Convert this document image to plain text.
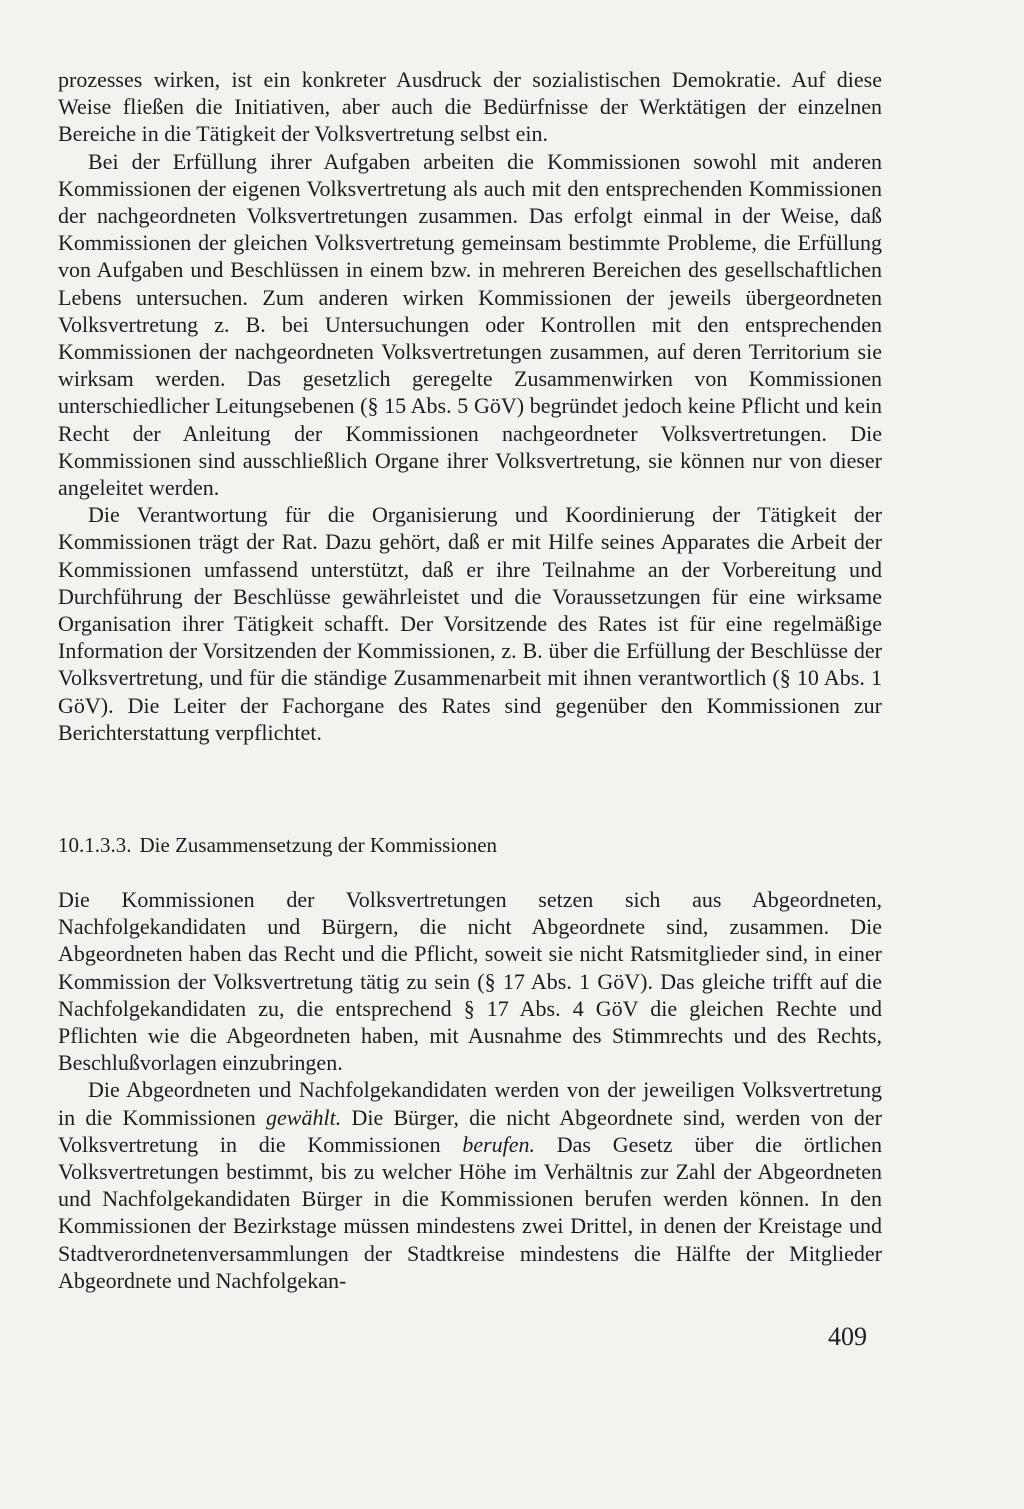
prozesses wirken, ist ein konkreter Ausdruck der sozialistischen Demokratie. Auf diese Weise fließen die Initiativen, aber auch die Bedürfnisse der Werktätigen der einzelnen Bereiche in die Tätigkeit der Volksvertretung selbst ein.

Bei der Erfüllung ihrer Aufgaben arbeiten die Kommissionen sowohl mit anderen Kommissionen der eigenen Volksvertretung als auch mit den entsprechenden Kommissionen der nachgeordneten Volksvertretungen zusammen. Das erfolgt einmal in der Weise, daß Kommissionen der gleichen Volksvertretung gemeinsam bestimmte Probleme, die Erfüllung von Aufgaben und Beschlüssen in einem bzw. in mehreren Bereichen des gesellschaftlichen Lebens untersuchen. Zum anderen wirken Kommissionen der jeweils übergeordneten Volksvertretung z. B. bei Untersuchungen oder Kontrollen mit den entsprechenden Kommissionen der nachgeordneten Volksvertretungen zusammen, auf deren Territorium sie wirksam werden. Das gesetzlich geregelte Zusammenwirken von Kommissionen unterschiedlicher Leitungsebenen (§ 15 Abs. 5 GöV) begründet jedoch keine Pflicht und kein Recht der Anleitung der Kommissionen nachgeordneter Volksvertretungen. Die Kommissionen sind ausschließlich Organe ihrer Volksvertretung, sie können nur von dieser angeleitet werden.

Die Verantwortung für die Organisierung und Koordinierung der Tätigkeit der Kommissionen trägt der Rat. Dazu gehört, daß er mit Hilfe seines Apparates die Arbeit der Kommissionen umfassend unterstützt, daß er ihre Teilnahme an der Vorbereitung und Durchführung der Beschlüsse gewährleistet und die Voraussetzungen für eine wirksame Organisation ihrer Tätigkeit schafft. Der Vorsitzende des Rates ist für eine regelmäßige Information der Vorsitzenden der Kommissionen, z. B. über die Erfüllung der Beschlüsse der Volksvertretung, und für die ständige Zusammenarbeit mit ihnen verantwortlich (§ 10 Abs. 1 GöV). Die Leiter der Fachorgane des Rates sind gegenüber den Kommissionen zur Berichterstattung verpflichtet.

10.1.3.3. Die Zusammensetzung der Kommissionen

Die Kommissionen der Volksvertretungen setzen sich aus Abgeordneten, Nachfolgekandidaten und Bürgern, die nicht Abgeordnete sind, zusammen. Die Abgeordneten haben das Recht und die Pflicht, soweit sie nicht Ratsmitglieder sind, in einer Kommission der Volksvertretung tätig zu sein (§ 17 Abs. 1 GöV). Das gleiche trifft auf die Nachfolgekandidaten zu, die entsprechend § 17 Abs. 4 GöV die gleichen Rechte und Pflichten wie die Abgeordneten haben, mit Ausnahme des Stimmrechts und des Rechts, Beschlußvorlagen einzubringen.

Die Abgeordneten und Nachfolgekandidaten werden von der jeweiligen Volksvertretung in die Kommissionen gewählt. Die Bürger, die nicht Abgeordnete sind, werden von der Volksvertretung in die Kommissionen berufen. Das Gesetz über die örtlichen Volksvertretungen bestimmt, bis zu welcher Höhe im Verhältnis zur Zahl der Abgeordneten und Nachfolgekandidaten Bürger in die Kommissionen berufen werden können. In den Kommissionen der Bezirkstage müssen mindestens zwei Drittel, in denen der Kreistage und Stadtverordnetenversammlungen der Stadtkreise mindestens die Hälfte der Mitglieder Abgeordnete und Nachfolgekan-

409
